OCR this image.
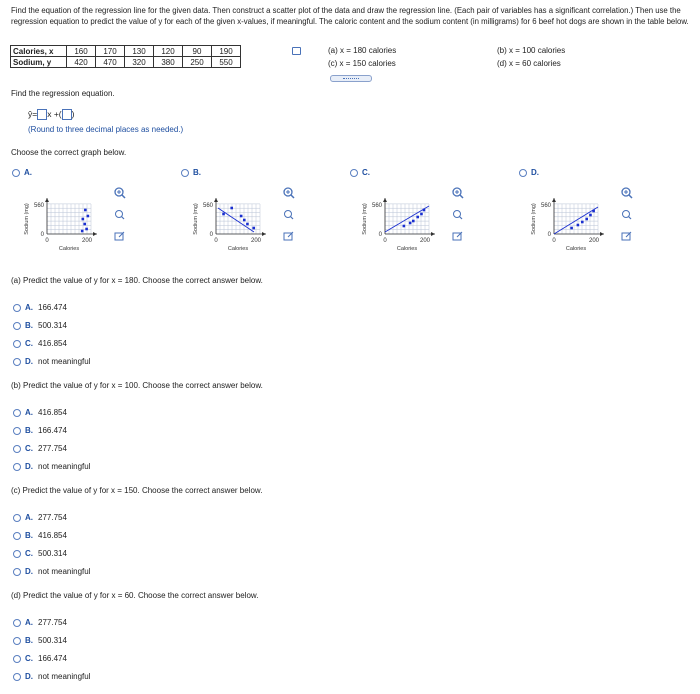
Find the equation of the regression line for the given data. Then construct a scatter plot of the data and draw the regression line. (Each pair of variables has a significant correlation.) Then use the regression equation to predict the value of y for each of the given x-values, if meaningful. The caloric content and the sodium content (in milligrams) for 6 beef hot dogs are shown in the table below.
Calories, x	160	170	130	120	90	190
Sodium, y	420	470	320	380	250	550
(a) x = 180 calories
(c) x = 150 calories
(b) x = 100 calories
(d) x = 60 calories
Find the regression equation.
ŷ= x +( )
(Round to three decimal places as needed.)
Choose the correct graph below.
A.
560
0
0	200
Calories
Sodium (mg)
B.
560
0
0	200
Calories
Sodium (mg)
C.
560
0
0	200
Calories
Sodium (mg)
D.
560
0
0	200
Calories
Sodium (mg)
(a) Predict the value of y for x = 180. Choose the correct answer below.
A. 166.474
B. 500.314
C. 416.854
D. not meaningful
(b) Predict the value of y for x = 100. Choose the correct answer below.
A. 416.854
B. 166.474
C. 277.754
D. not meaningful
(c) Predict the value of y for x = 150. Choose the correct answer below.
A. 277.754
B. 416.854
C. 500.314
D. not meaningful
(d) Predict the value of y for x = 60. Choose the correct answer below.
A. 277.754
B. 500.314
C. 166.474
D. not meaningful
